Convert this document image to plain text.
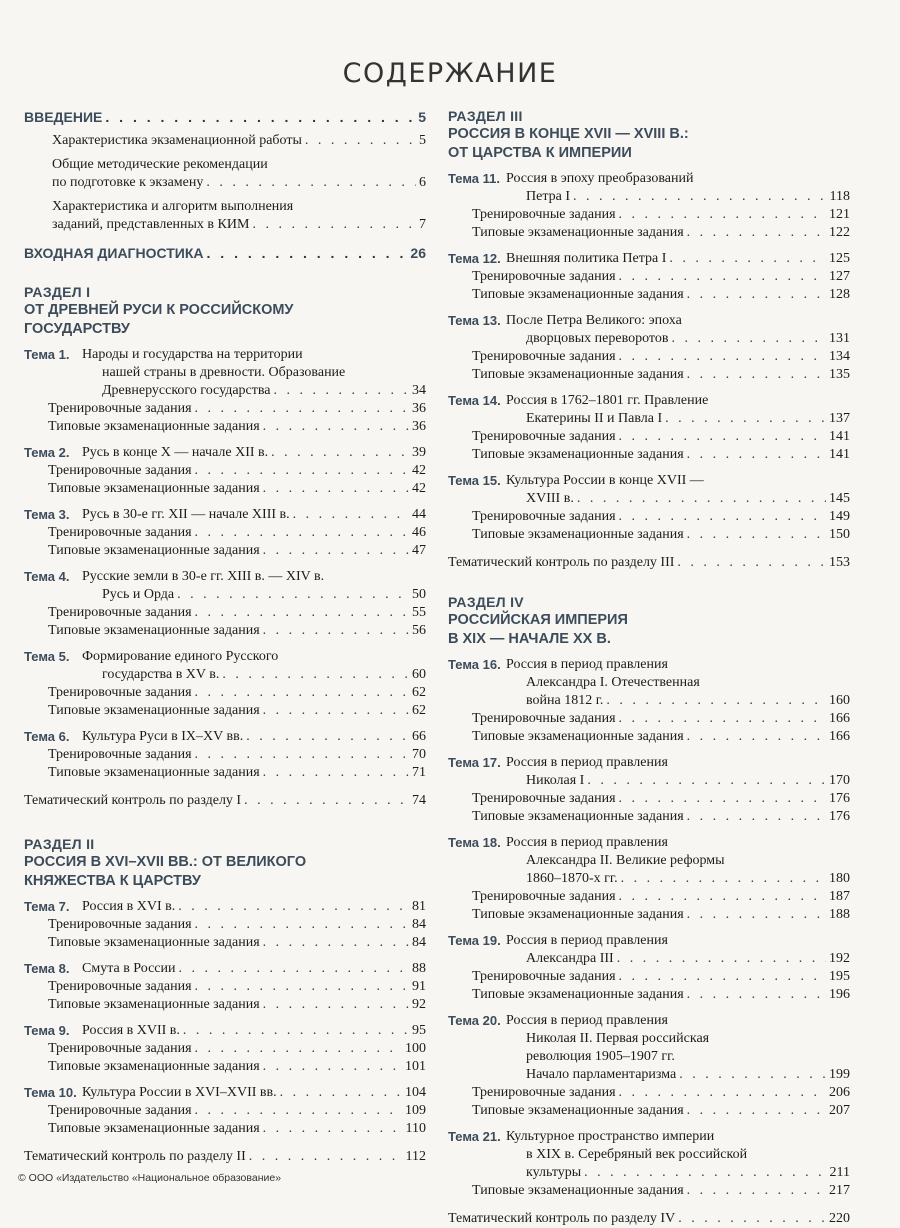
СОДЕРЖАНИЕ
ВВЕДЕНИЕ . . .	5
Характеристика экзаменационной работы . . .	5
Общие методические рекомендации
по подготовке к экзамену . . .	6
Характеристика и алгоритм выполнения
заданий, представленных в КИМ . . .	7
ВХОДНАЯ ДИАГНОСТИКА . . .	26
РАЗДЕЛ I
ОТ ДРЕВНЕЙ РУСИ К РОССИЙСКОМУ
ГОСУДАРСТВУ
Тема 1. Народы и государства на территории
нашей страны в древности. Образование
Древнерусского государства . . .	34
Тренировочные задания . . .	36
Типовые экзаменационные задания . . .	36
Тема 2. Русь в конце X — начале XII в. . . .	39
Тренировочные задания . . .	42
Типовые экзаменационные задания . . .	42
Тема 3. Русь в 30-е гг. XII — начале XIII в. . . .	44
Тренировочные задания . . .	46
Типовые экзаменационные задания . . .	47
Тема 4. Русские земли в 30-е гг. XIII в. — XIV в.
Русь и Орда . . .	50
Тренировочные задания . . .	55
Типовые экзаменационные задания . . .	56
Тема 5. Формирование единого Русского
государства в XV в. . . .	60
Тренировочные задания . . .	62
Типовые экзаменационные задания . . .	62
Тема 6. Культура Руси в IX–XV вв. . . .	66
Тренировочные задания . . .	70
Типовые экзаменационные задания . . .	71
Тематический контроль по разделу I . . .	74
РАЗДЕЛ II
РОССИЯ В XVI–XVII ВВ.: ОТ ВЕЛИКОГО
КНЯЖЕСТВА К ЦАРСТВУ
Тема 7. Россия в XVI в. . . .	81
Тренировочные задания . . .	84
Типовые экзаменационные задания . . .	84
Тема 8. Смута в России . . .	88
Тренировочные задания . . .	91
Типовые экзаменационные задания . . .	92
Тема 9. Россия в XVII в. . . .	95
Тренировочные задания . . .	100
Типовые экзаменационные задания . . .	101
Тема 10. Культура России в XVI–XVII вв. . . .	104
Тренировочные задания . . .	109
Типовые экзаменационные задания . . .	110
Тематический контроль по разделу II . . .	112
РАЗДЕЛ III
РОССИЯ В КОНЦЕ XVII — XVIII В.:
ОТ ЦАРСТВА К ИМПЕРИИ
Тема 11. Россия в эпоху преобразований
Петра I . . .	118
Тренировочные задания . . .	121
Типовые экзаменационные задания . . .	122
Тема 12. Внешняя политика Петра I . . .	125
Тренировочные задания . . .	127
Типовые экзаменационные задания . . .	128
Тема 13. После Петра Великого: эпоха
дворцовых переворотов . . .	131
Тренировочные задания . . .	134
Типовые экзаменационные задания . . .	135
Тема 14. Россия в 1762–1801 гг. Правление
Екатерины II и Павла I . . .	137
Тренировочные задания . . .	141
Типовые экзаменационные задания . . .	141
Тема 15. Культура России в конце XVII —
XVIII в. . . .	145
Тренировочные задания . . .	149
Типовые экзаменационные задания . . .	150
Тематический контроль по разделу III . . .	153
РАЗДЕЛ IV
РОССИЙСКАЯ ИМПЕРИЯ
В XIX — НАЧАЛЕ XX В.
Тема 16. Россия в период правления
Александра I. Отечественная
война 1812 г. . . .	160
Тренировочные задания . . .	166
Типовые экзаменационные задания . . .	166
Тема 17. Россия в период правления
Николая I . . .	170
Тренировочные задания . . .	176
Типовые экзаменационные задания . . .	176
Тема 18. Россия в период правления
Александра II. Великие реформы
1860–1870-х гг. . . .	180
Тренировочные задания . . .	187
Типовые экзаменационные задания . . .	188
Тема 19. Россия в период правления
Александра III . . .	192
Тренировочные задания . . .	195
Типовые экзаменационные задания . . .	196
Тема 20. Россия в период правления
Николая II. Первая российская
революция 1905–1907 гг.
Начало парламентаризма . . .	199
Тренировочные задания . . .	206
Типовые экзаменационные задания . . .	207
Тема 21. Культурное пространство империи
в XIX в. Серебряный век российской
культуры . . .	211
Типовые экзаменационные задания . . .	217
Тематический контроль по разделу IV . . .	220
© ООО «Издательство «Национальное образование»
